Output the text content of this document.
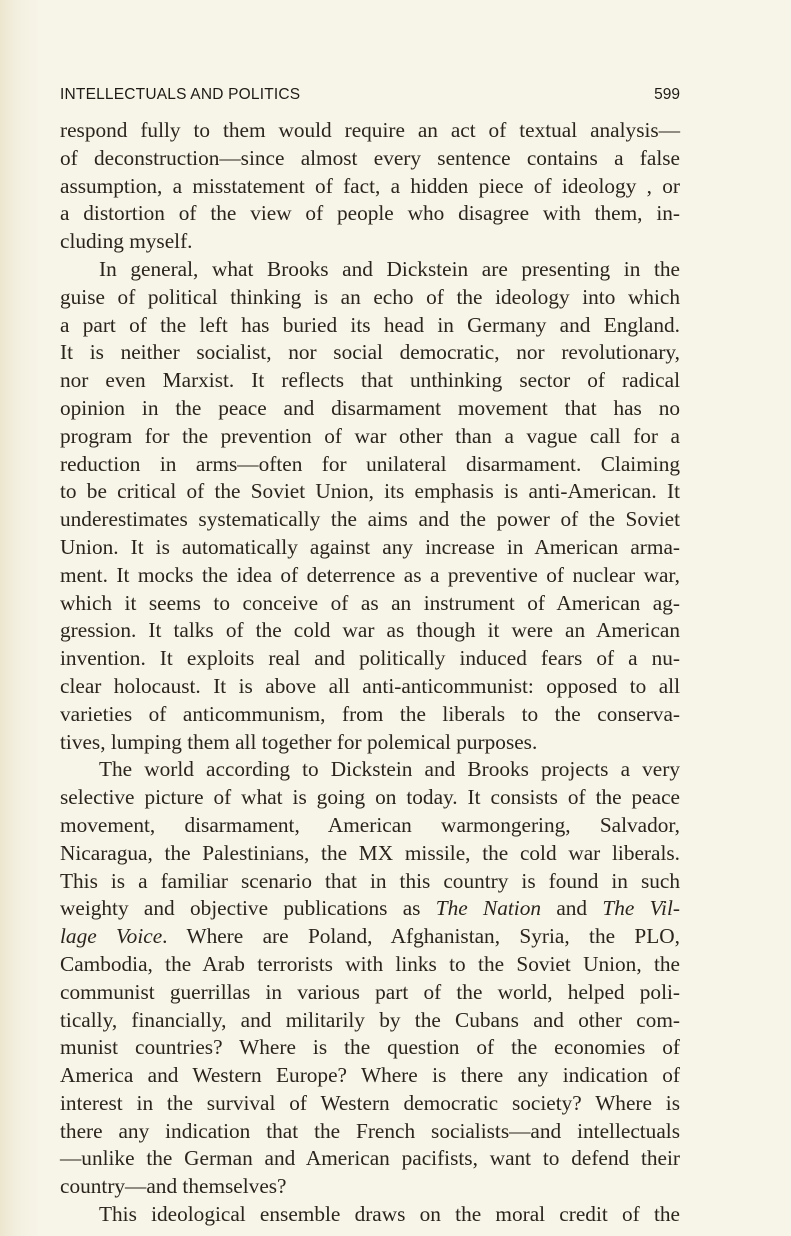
INTELLECTUALS AND POLITICS	599
respond fully to them would require an act of textual analysis—
of deconstruction—since almost every sentence contains a false
assumption, a misstatement of fact, a hidden piece of ideology , or
a distortion of the view of people who disagree with them, in-
cluding myself.
In general, what Brooks and Dickstein are presenting in the
guise of political thinking is an echo of the ideology into which
a part of the left has buried its head in Germany and England.
It is neither socialist, nor social democratic, nor revolutionary,
nor even Marxist. It reflects that unthinking sector of radical
opinion in the peace and disarmament movement that has no
program for the prevention of war other than a vague call for a
reduction in arms—often for unilateral disarmament. Claiming
to be critical of the Soviet Union, its emphasis is anti-American. It
underestimates systematically the aims and the power of the Soviet
Union. It is automatically against any increase in American arma-
ment. It mocks the idea of deterrence as a preventive of nuclear war,
which it seems to conceive of as an instrument of American ag-
gression. It talks of the cold war as though it were an American
invention. It exploits real and politically induced fears of a nu-
clear holocaust. It is above all anti-anticommunist: opposed to all
varieties of anticommunism, from the liberals to the conserva-
tives, lumping them all together for polemical purposes.
The world according to Dickstein and Brooks projects a very
selective picture of what is going on today. It consists of the peace
movement, disarmament, American warmongering, Salvador,
Nicaragua, the Palestinians, the MX missile, the cold war liberals.
This is a familiar scenario that in this country is found in such
weighty and objective publications as The Nation and The Vil-
lage Voice. Where are Poland, Afghanistan, Syria, the PLO,
Cambodia, the Arab terrorists with links to the Soviet Union, the
communist guerrillas in various part of the world, helped poli-
tically, financially, and militarily by the Cubans and other com-
munist countries? Where is the question of the economies of
America and Western Europe? Where is there any indication of
interest in the survival of Western democratic society? Where is
there any indication that the French socialists—and intellectuals
—unlike the German and American pacifists, want to defend their
country—and themselves?
This ideological ensemble draws on the moral credit of the
